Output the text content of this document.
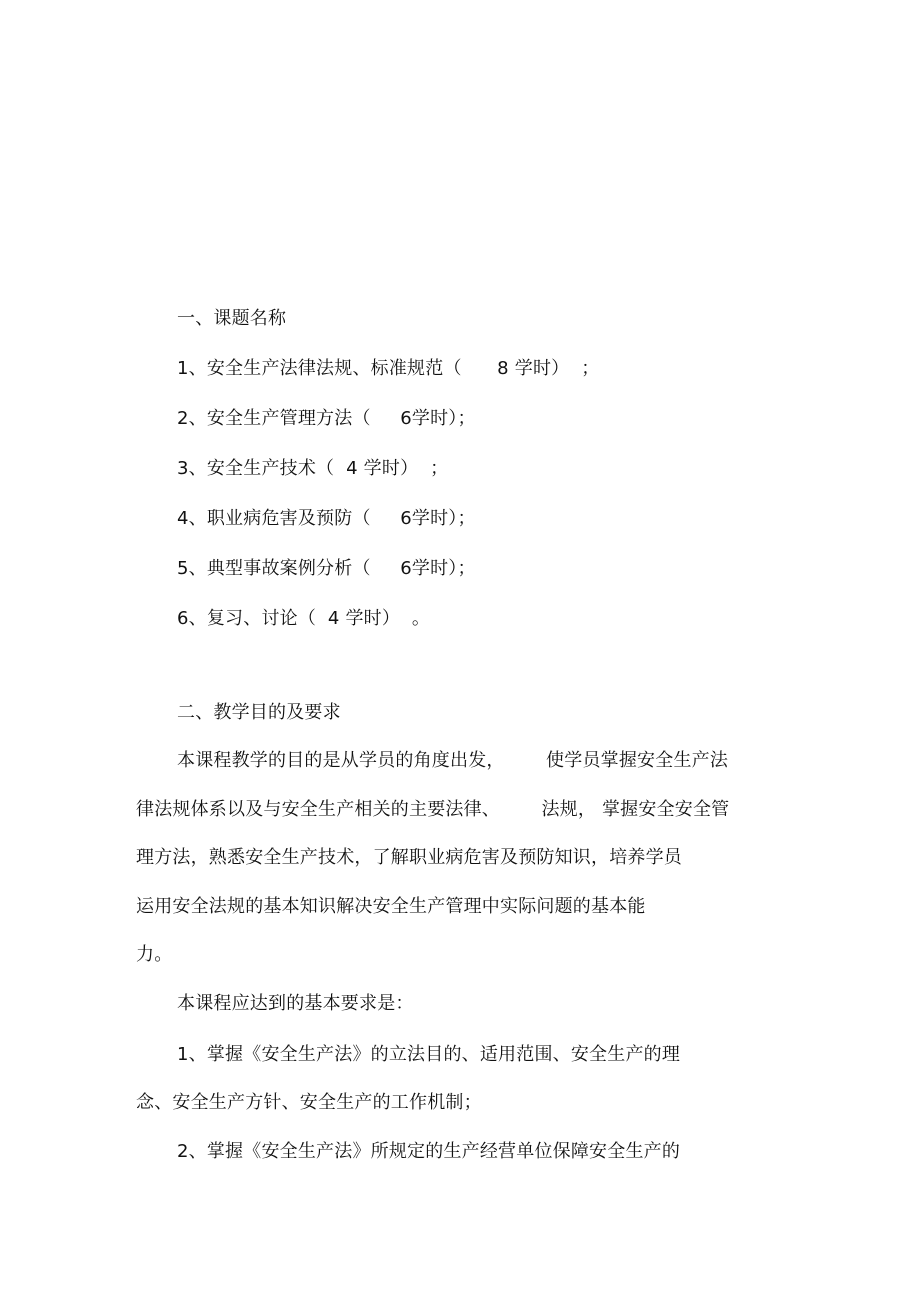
一、课题名称
1、安全生产法律法规、标准规范（      8 学时）  ；
2、安全生产管理方法（     6学时）；
3、安全生产技术（  4 学时）  ；
4、职业病危害及预防（     6学时）；
5、典型事故案例分析（     6学时）；
6、复习、讨论（  4 学时）  。
二、教学目的及要求
本课程教学的目的是从学员的角度出发，       使学员掌握安全生产法
律法规体系以及与安全生产相关的主要法律、       法规， 掌握安全安全管
理方法，熟悉安全生产技术，了解职业病危害及预防知识，培养学员
运用安全法规的基本知识解决安全生产管理中实际问题的基本能
力。
本课程应达到的基本要求是：
1、掌握《安全生产法》的立法目的、适用范围、安全生产的理
念、安全生产方针、安全生产的工作机制；
2、掌握《安全生产法》所规定的生产经营单位保障安全生产的
